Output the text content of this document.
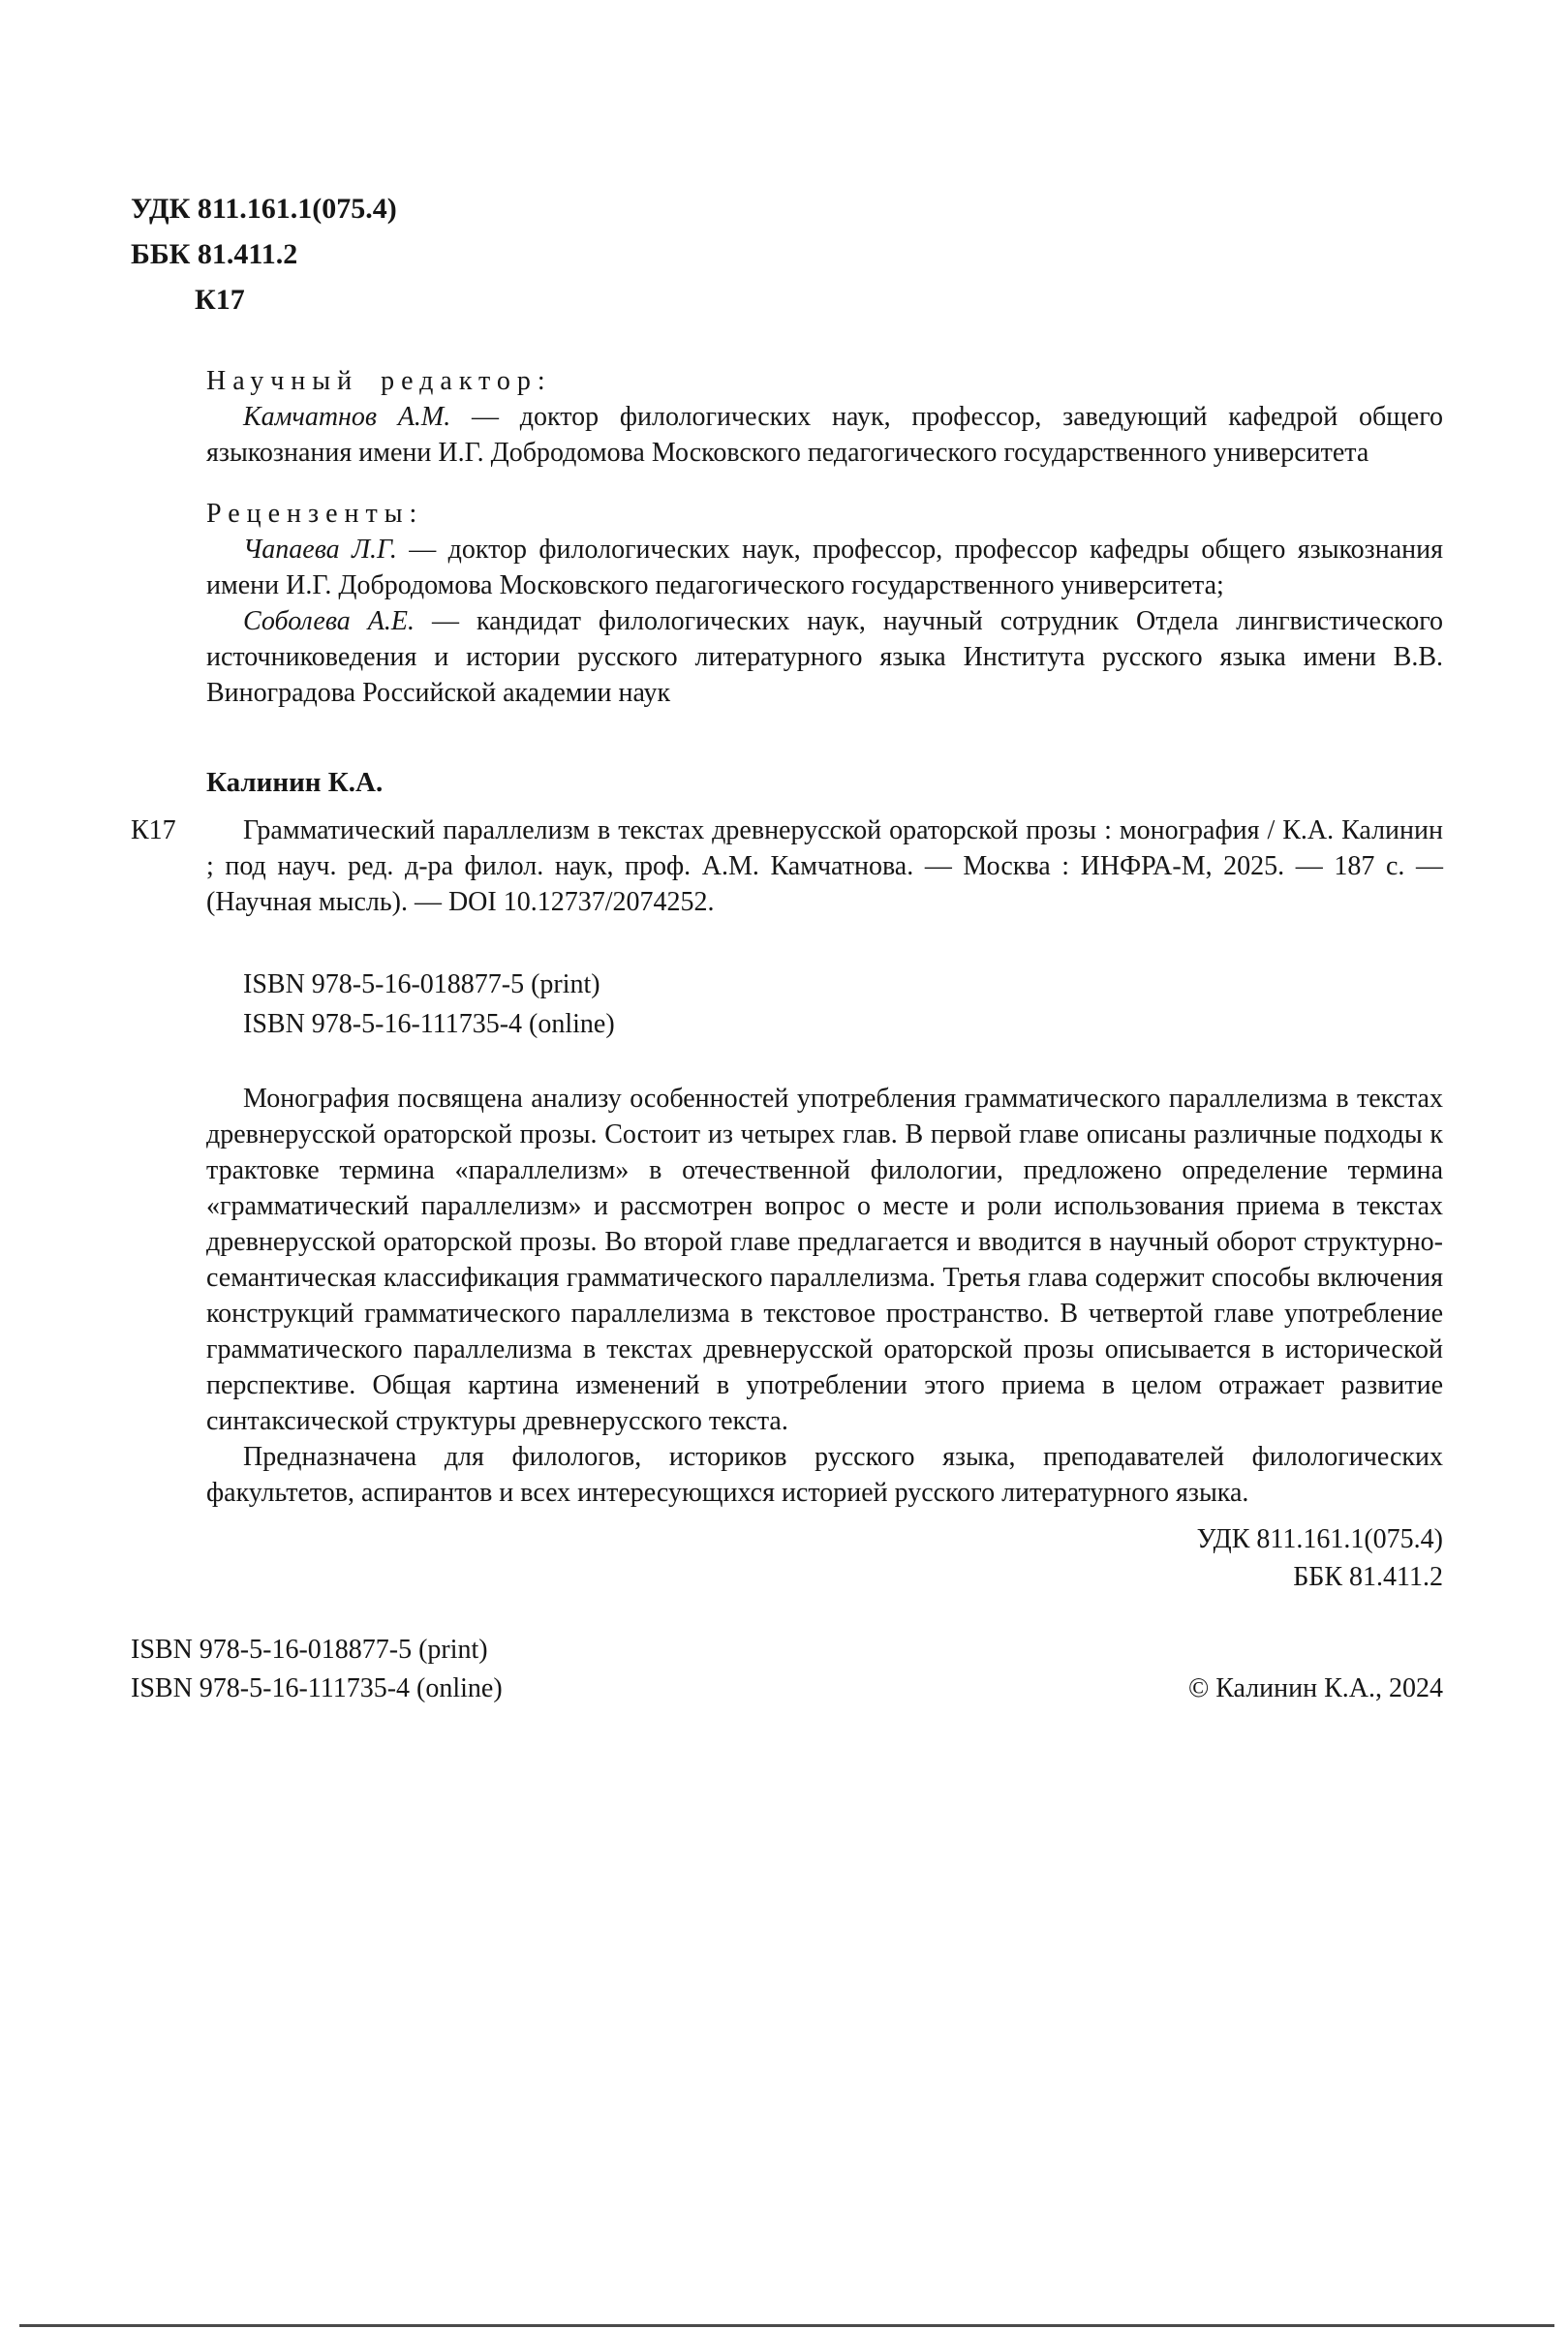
УДК 811.161.1(075.4)
ББК 81.411.2
К17
Научный редактор:

Камчатнов А.М. — доктор филологических наук, профессор, заведующий кафедрой общего языкознания имени И.Г. Добродомова Московского педагогического государственного университета

Рецензенты:

Чапаева Л.Г. — доктор филологических наук, профессор, профессор кафедры общего языкознания имени И.Г. Добродомова Московского педагогического государственного университета;

Соболева А.Е. — кандидат филологических наук, научный сотрудник Отдела лингвистического источниковедения и истории русского литературного языка Института русского языка имени В.В. Виноградова Российской академии наук

Калинин К.А.
К17	Грамматический параллелизм в текстах древнерусской ораторской прозы : монография / К.А. Калинин ; под науч. ред. д-ра филол. наук, проф. А.М. Камчатнова. — Москва : ИНФРА-М, 2025. — 187 с. — (Научная мысль). — DOI 10.12737/2074252.

ISBN 978-5-16-018877-5 (print)
ISBN 978-5-16-111735-4 (online)

Монография посвящена анализу особенностей употребления грамматического параллелизма в текстах древнерусской ораторской прозы. Состоит из четырех глав. В первой главе описаны различные подходы к трактовке термина «параллелизм» в отечественной филологии, предложено определение термина «грамматический параллелизм» и рассмотрен вопрос о месте и роли использования приема в текстах древнерусской ораторской прозы. Во второй главе предлагается и вводится в научный оборот структурно-семантическая классификация грамматического параллелизма. Третья глава содержит способы включения конструкций грамматического параллелизма в текстовое пространство. В четвертой главе употребление грамматического параллелизма в текстах древнерусской ораторской прозы описывается в исторической перспективе. Общая картина изменений в употреблении этого приема в целом отражает развитие синтаксической структуры древнерусского текста.

Предназначена для филологов, историков русского языка, преподавателей филологических факультетов, аспирантов и всех интересующихся историей русского литературного языка.

УДК 811.161.1(075.4)
ББК 81.411.2
ISBN 978-5-16-018877-5 (print)
ISBN 978-5-16-111735-4 (online)	© Калинин К.А., 2024
